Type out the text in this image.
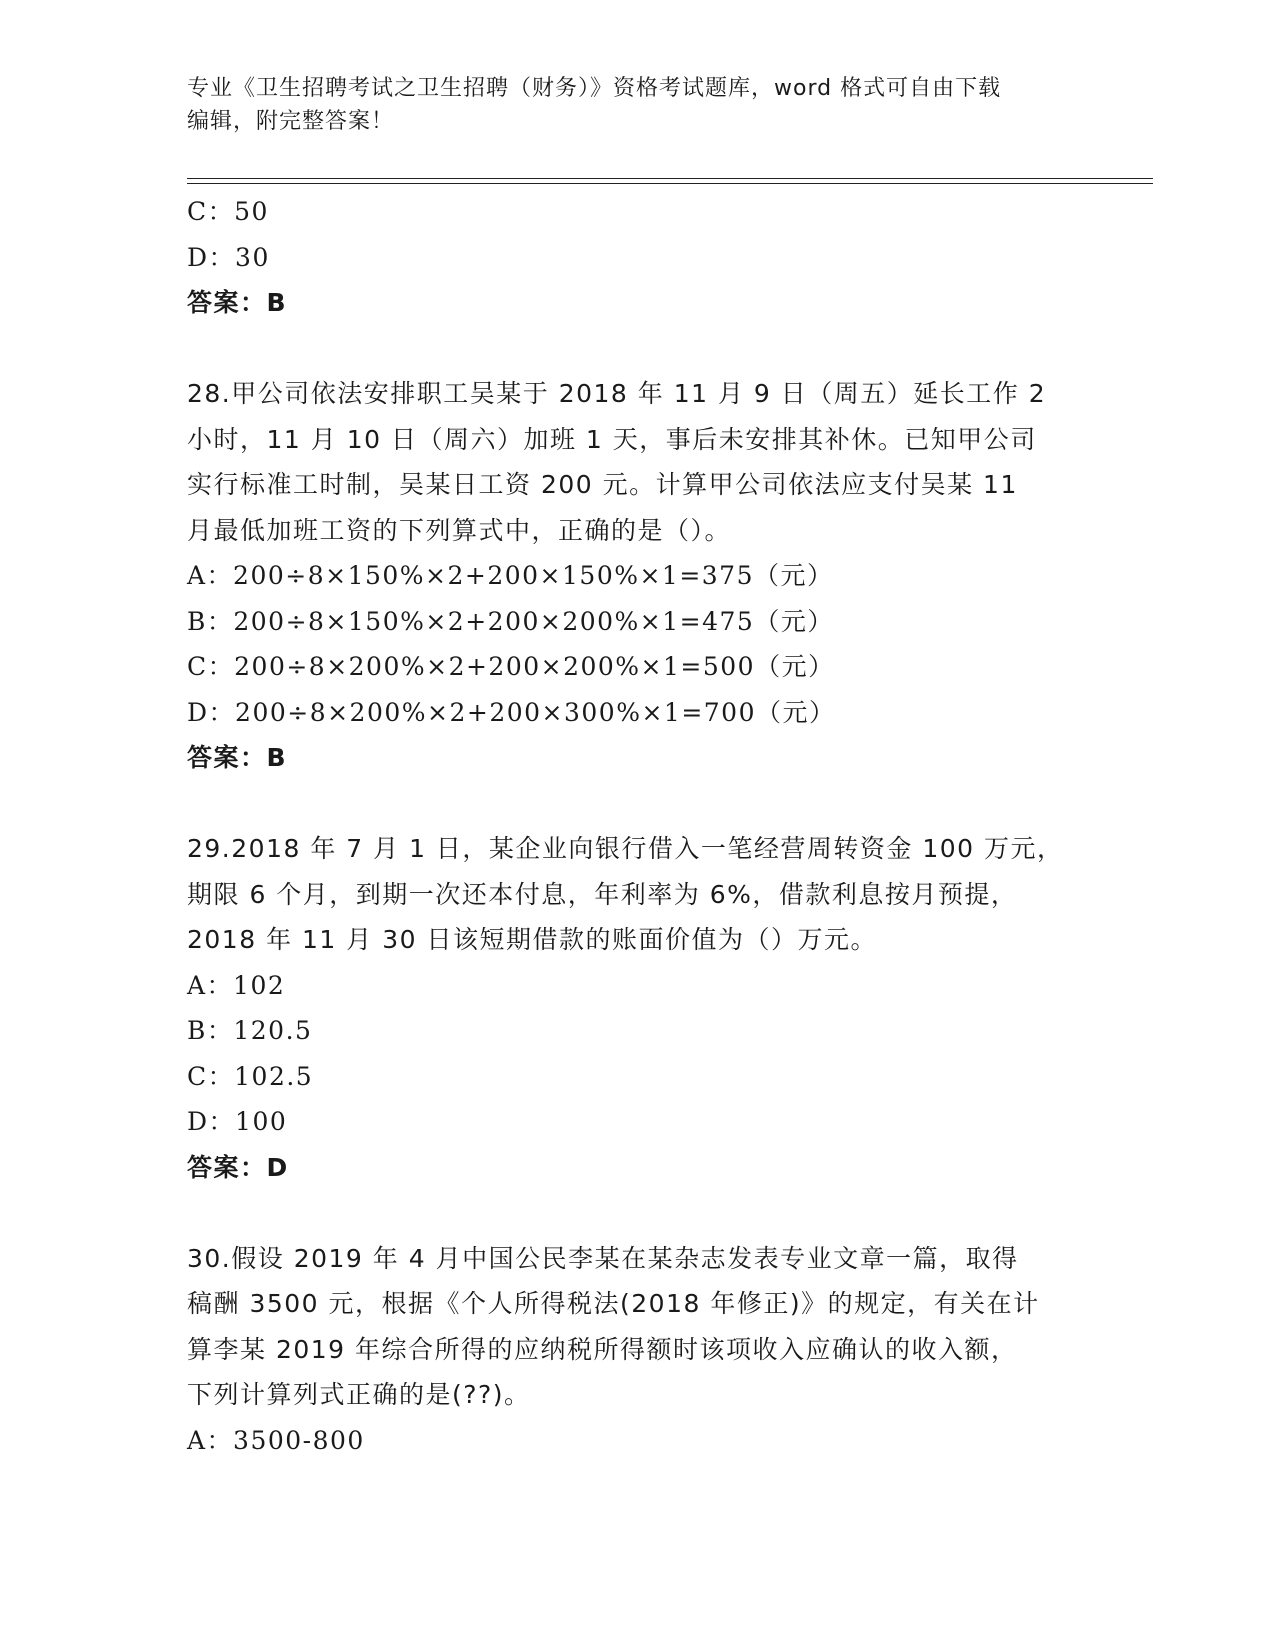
专业《卫生招聘考试之卫生招聘（财务）》资格考试题库，word 格式可自由下载
编辑，附完整答案！
C：50
D：30
答案：B
28.甲公司依法安排职工吴某于 2018 年 11 月 9 日（周五）延长工作 2
小时，11 月 10 日（周六）加班 1 天，事后未安排其补休。已知甲公司
实行标准工时制，吴某日工资 200 元。计算甲公司依法应支付吴某 11
月最低加班工资的下列算式中，正确的是（）。
A：200÷8×150%×2+200×150%×1=375（元）
B：200÷8×150%×2+200×200%×1=475（元）
C：200÷8×200%×2+200×200%×1=500（元）
D：200÷8×200%×2+200×300%×1=700（元）
答案：B
29.2018 年 7 月 1 日，某企业向银行借入一笔经营周转资金 100 万元，
期限 6 个月，到期一次还本付息，年利率为 6%，借款利息按月预提，
2018 年 11 月 30 日该短期借款的账面价值为（）万元。
A：102
B：120.5
C：102.5
D：100
答案：D
30.假设 2019 年 4 月中国公民李某在某杂志发表专业文章一篇，取得
稿酬 3500 元，根据《个人所得税法(2018 年修正)》的规定，有关在计
算李某 2019 年综合所得的应纳税所得额时该项收入应确认的收入额，
下列计算列式正确的是(??)。
A：3500-800
